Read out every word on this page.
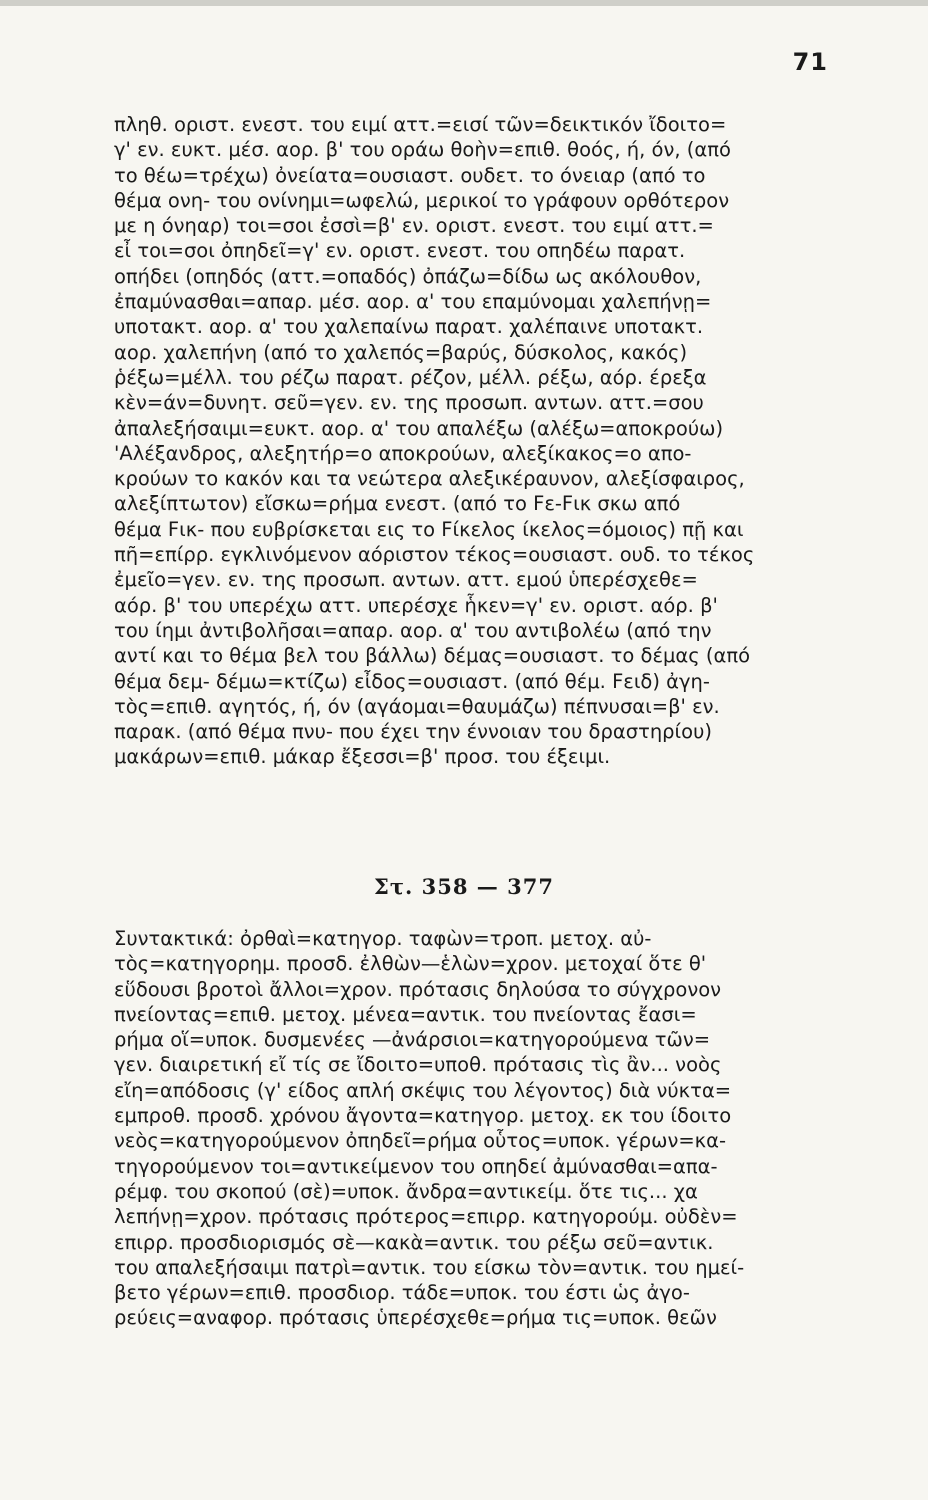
71
πληθ. οριστ. ενεστ. του ειμί αττ.=εισί τῶν=δεικτικόν ἴδοιτο=
γ' εν. ευκτ. μέσ. αορ. β' του οράω θοὴν=επιθ. θοός, ή, όν, (από
το θέω=τρέχω) ὀνείατα=ουσιαστ. ουδετ. το όνειαρ (από το
θέμα ονη- του ονίνημι=ωφελώ, μερικοί το γράφουν ορθότερον
με η όνηαρ) τοι=σοι ἐσσὶ=β' εν. οριστ. ενεστ. του ειμί αττ.=
εἶ τοι=σοι ὀπηδεῖ=γ' εν. οριστ. ενεστ. του οπηδέω παρατ.
οπήδει (οπηδός (αττ.=οπαδός) ὀπάζω=δίδω ως ακόλουθον,
ἐπαμύνασθαι=απαρ. μέσ. αορ. α' του επαμύνομαι χαλεπήνῃ=
υποτακτ. αορ. α' του χαλεπαίνω παρατ. χαλέπαινε υποτακτ.
αορ. χαλεπήνη (από το χαλεπός=βαρύς, δύσκολος, κακός)
ῥέξω=μέλλ. του ρέζω παρατ. ρέζον, μέλλ. ρέξω, αόρ. έρεξα
κὲν=άν=δυνητ. σεῦ=γεν. εν. της προσωπ. αντων. αττ.=σου
ἀπαλεξήσαιμι=ευκτ. αορ. α' του απαλέξω (αλέξω=αποκρούω)
'Αλέξανδρος, αλεξητήρ=ο αποκρούων, αλεξίκακος=ο απο-
κρούων το κακόν και τα νεώτερα αλεξικέραυνον, αλεξίσφαιρος,
αλεξίπτωτον) εἴσκω=ρήμα ενεστ. (από το Fε-Fικ σκω από
θέμα Fικ- που ευβρίσκεται εις το Fίκελος ίκελος=όμοιος) πῇ και
πῆ=επίρρ. εγκλινόμενον αόριστον τέκος=ουσιαστ. ουδ. το τέκος
ἐμεῖο=γεν. εν. της προσωπ. αντων. αττ. εμού ὑπερέσχεθε=
αόρ. β' του υπερέχω αττ. υπερέσχε ἧκεν=γ' εν. οριστ. αόρ. β'
του ίημι ἀντιβολῆσαι=απαρ. αορ. α' του αντιβολέω (από την
αντί και το θέμα βελ του βάλλω) δέμας=ουσιαστ. το δέμας (από
θέμα δεμ- δέμω=κτίζω) εἶδος=ουσιαστ. (από θέμ. Fειδ) ἀγη-
τὸς=επιθ. αγητός, ή, όν (αγάομαι=θαυμάζω) πέπνυσαι=β' εν.
παρακ. (από θέμα πνυ- που έχει την έννοιαν του δραστηρίου)
μακάρων=επιθ. μάκαρ ἔξεσσι=β' προσ. του έξειμι.
Στ. 358 — 377
Συντακτικά: ὀρθαὶ=κατηγορ. ταφὼν=τροπ. μετοχ. αὐ-
τὸς=κατηγορημ. προσδ. ἐλθὼν—ἑλὼν=χρον. μετοχαί ὅτε θ'
εὕδουσι βροτοὶ ἄλλοι=χρον. πρότασις δηλούσα το σύγχρονον
πνείοντας=επιθ. μετοχ. μένεα=αντικ. του πνείοντας ἔασι=
ρήμα οἵ=υποκ. δυσμενέες —ἀνάρσιοι=κατηγορούμενα τῶν=
γεν. διαιρετική εἴ τίς σε ἴδοιτο=υποθ. πρότασις τὶς ἂν... νοὸς
εἴη=απόδοσις (γ' είδος απλή σκέψις του λέγοντος) διὰ νύκτα=
εμπροθ. προσδ. χρόνου ἄγοντα=κατηγορ. μετοχ. εκ του ίδοιτο
νεὸς=κατηγορούμενον ὀπηδεῖ=ρήμα οὗτος=υποκ. γέρων=κα-
τηγορούμενον τοι=αντικείμενον του οπηδεί ἀμύνασθαι=απα-
ρέμφ. του σκοπού (σὲ)=υποκ. ἄνδρα=αντικείμ. ὅτε τις... χα
λεπήνῃ=χρον. πρότασις πρότερος=επιρρ. κατηγορούμ. οὐδὲν=
επιρρ. προσδιορισμός σὲ—κακὰ=αντικ. του ρέξω σεῦ=αντικ.
του απαλεξήσαιμι πατρὶ=αντικ. του είσκω τὸν=αντικ. του ημεί-
βετο γέρων=επιθ. προσδιορ. τάδε=υποκ. του έστι ὡς ἀγο-
ρεύεις=αναφορ. πρότασις ὑπερέσχεθε=ρήμα τις=υποκ. θεῶν
